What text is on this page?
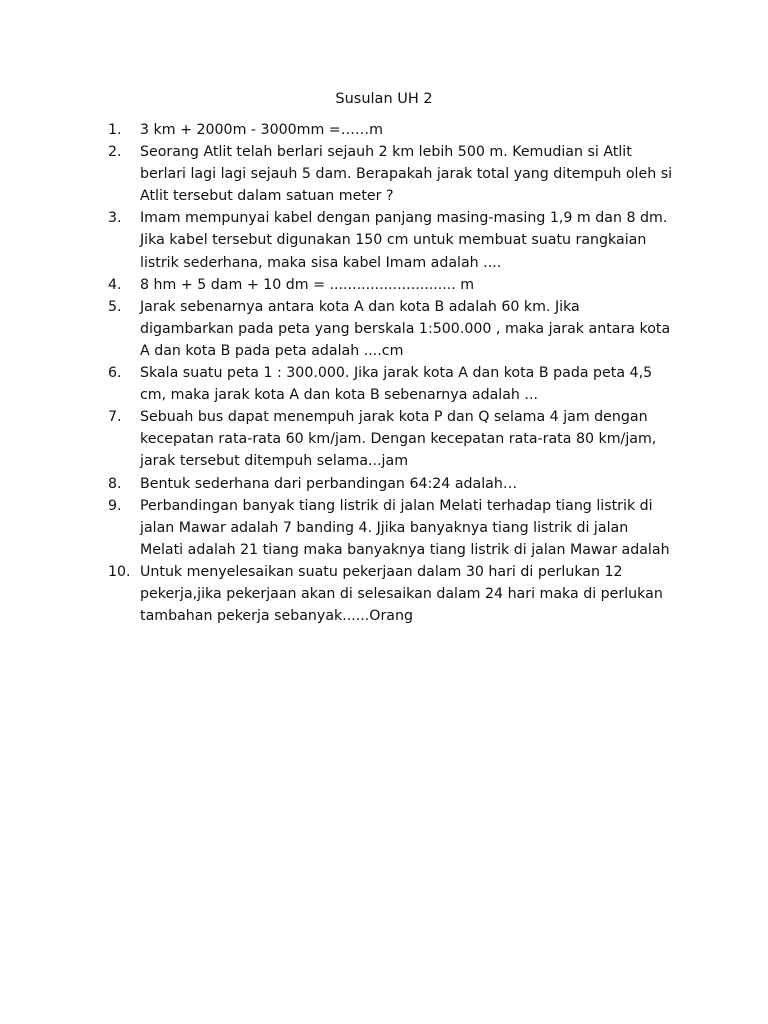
Susulan UH 2
1.	3 km + 2000m - 3000mm =……m
2.	Seorang Atlit telah berlari sejauh 2 km lebih 500 m. Kemudian si Atlit
berlari lagi lagi sejauh 5 dam. Berapakah jarak total yang ditempuh oleh si
Atlit tersebut dalam satuan meter ?
3.	Imam mempunyai kabel dengan panjang masing-masing 1,9 m dan 8 dm.
Jika kabel tersebut digunakan 150 cm untuk membuat suatu rangkaian
listrik sederhana, maka sisa kabel Imam adalah ....
4.	8 hm + 5 dam + 10 dm = ............................ m
5.	Jarak sebenarnya antara kota A dan kota B adalah 60 km. Jika
digambarkan pada peta yang berskala 1:500.000 , maka jarak antara kota
A dan kota B pada peta adalah ....cm
6.	Skala suatu peta 1 : 300.000. Jika jarak kota A dan kota B pada peta 4,5
cm, maka jarak kota A dan kota B sebenarnya adalah ...
7.	Sebuah bus dapat menempuh jarak kota P dan Q selama 4 jam dengan
kecepatan rata-rata 60 km/jam. Dengan kecepatan rata-rata 80 km/jam,
jarak tersebut ditempuh selama...jam
8.	Bentuk sederhana dari perbandingan 64:24 adalah…
9.	Perbandingan banyak tiang listrik di jalan Melati terhadap tiang listrik di
jalan Mawar adalah 7 banding 4. Jjika banyaknya tiang listrik di jalan
Melati adalah 21 tiang maka banyaknya tiang listrik di jalan Mawar adalah
10. Untuk menyelesaikan suatu pekerjaan dalam 30 hari di perlukan 12
pekerja,jika pekerjaan akan di selesaikan dalam 24 hari maka di perlukan
tambahan pekerja sebanyak......Orang
